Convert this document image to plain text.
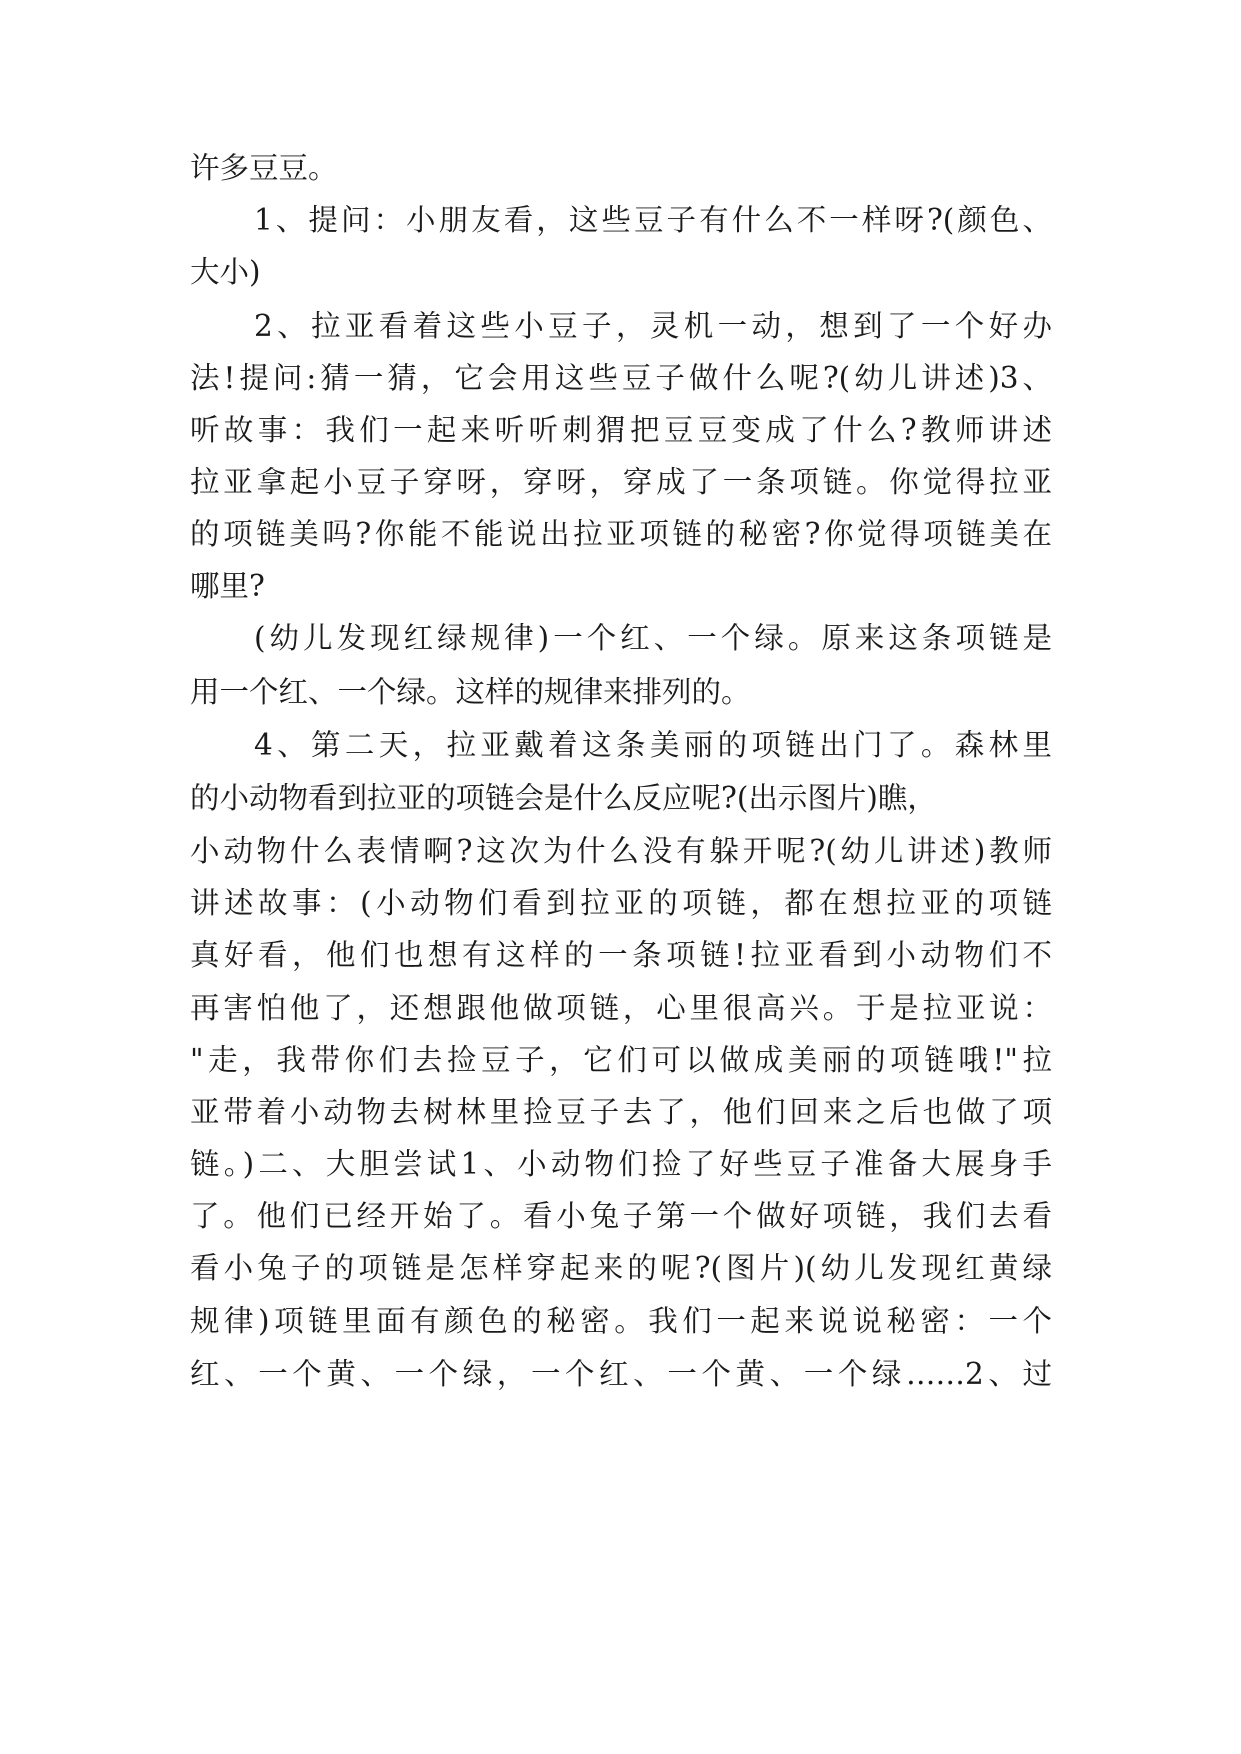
许多豆豆。
1、提问：小朋友看，这些豆子有什么不一样呀?(颜色、
大小)
2、拉亚看着这些小豆子，灵机一动，想到了一个好办
法!提问:猜一猜，它会用这些豆子做什么呢?(幼儿讲述)3、
听故事：我们一起来听听刺猬把豆豆变成了什么?教师讲述
拉亚拿起小豆子穿呀，穿呀，穿成了一条项链。你觉得拉亚
的项链美吗?你能不能说出拉亚项链的秘密?你觉得项链美在
哪里?
(幼儿发现红绿规律)一个红、一个绿。原来这条项链是
用一个红、一个绿。这样的规律来排列的。
4、第二天，拉亚戴着这条美丽的项链出门了。森林里
的小动物看到拉亚的项链会是什么反应呢?(出示图片)瞧，
小动物什么表情啊?这次为什么没有躲开呢?(幼儿讲述)教师
讲述故事：(小动物们看到拉亚的项链，都在想拉亚的项链
真好看，他们也想有这样的一条项链!拉亚看到小动物们不
再害怕他了，还想跟他做项链，心里很高兴。于是拉亚说：
"走，我带你们去捡豆子，它们可以做成美丽的项链哦!"拉
亚带着小动物去树林里捡豆子去了，他们回来之后也做了项
链。)二、大胆尝试1、小动物们捡了好些豆子准备大展身手
了。他们已经开始了。看小兔子第一个做好项链，我们去看
看小兔子的项链是怎样穿起来的呢?(图片)(幼儿发现红黄绿
规律)项链里面有颜色的秘密。我们一起来说说秘密：一个
红、一个黄、一个绿，一个红、一个黄、一个绿……2、过
